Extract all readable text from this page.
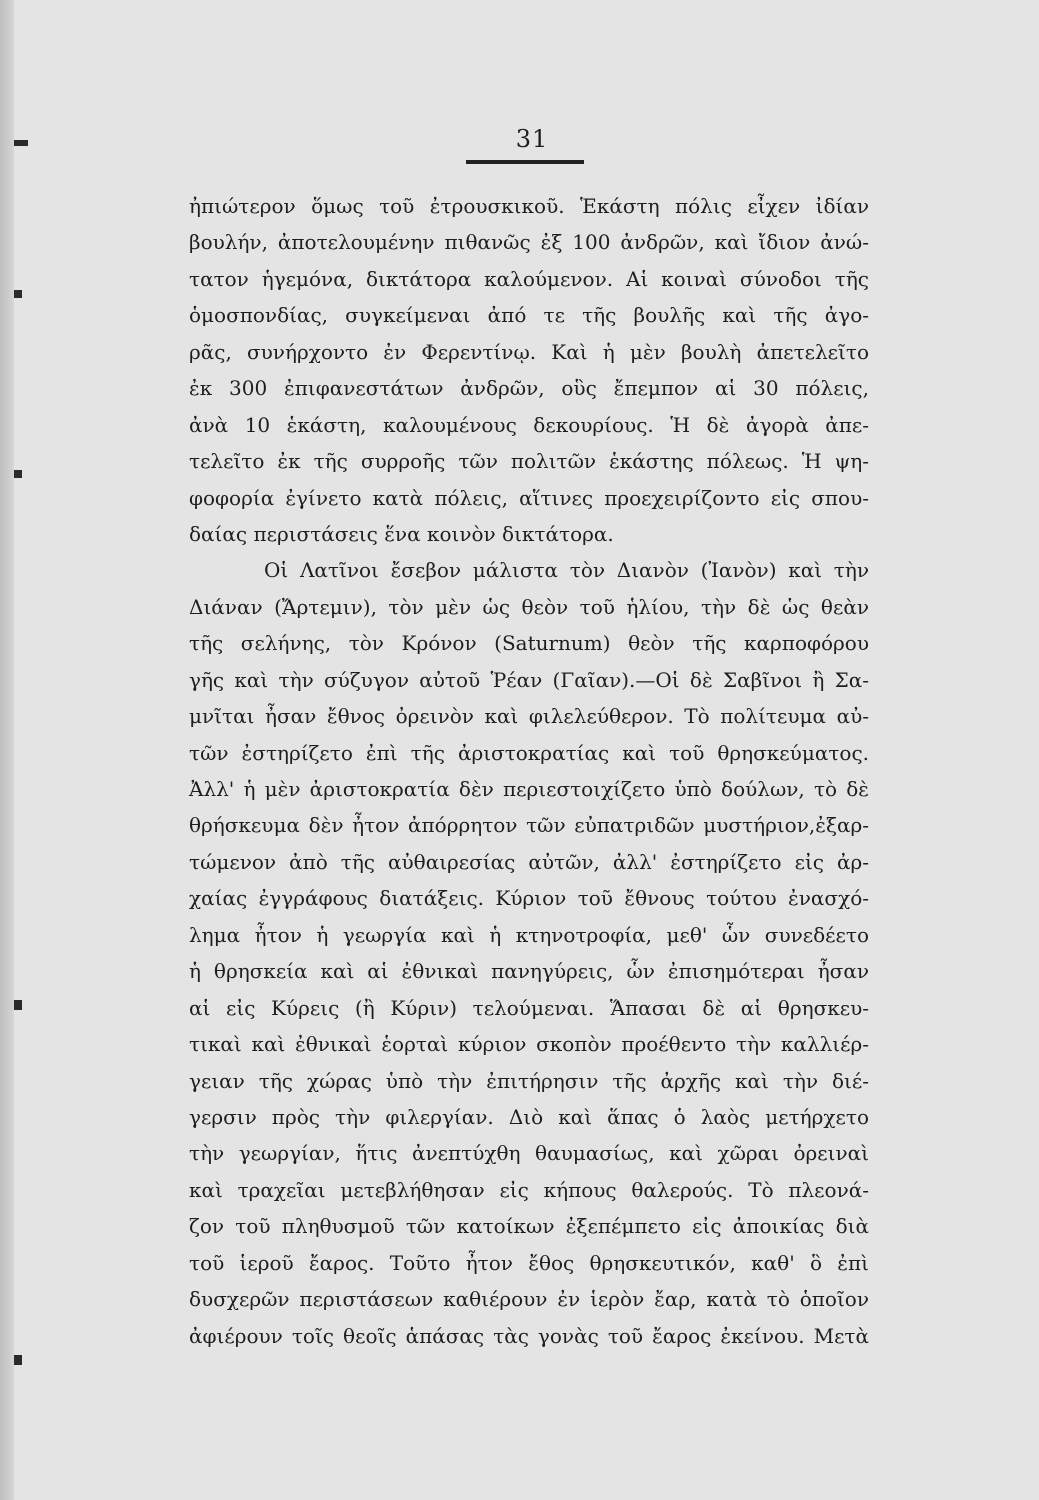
31
ἠπιώτερον ὅμως τοῦ ἐτρουσκικοῦ. Ἑκάστη πόλις εἶχεν ἰδίαν
βουλήν, ἀποτελουμένην πιθανῶς ἐξ 100 ἀνδρῶν, καὶ ἴδιον ἀνώ-
τατον ἡγεμόνα, δικτάτορα καλούμενον. Αἱ κοιναὶ σύνοδοι τῆς
ὁμοσπονδίας, συγκείμεναι ἀπό τε τῆς βουλῆς καὶ τῆς ἀγο-
ρᾶς, συνήρχοντο ἐν Φερεντίνῳ. Καὶ ἡ μὲν βουλὴ ἀπετελεῖτο
ἐκ 300 ἐπιφανεστάτων ἀνδρῶν, οὓς ἔπεμπον αἱ 30 πόλεις,
ἀνὰ 10 ἑκάστη, καλουμένους δεκουρίους. Ἡ δὲ ἀγορὰ ἀπε-
τελεῖτο ἐκ τῆς συρροῆς τῶν πολιτῶν ἑκάστης πόλεως. Ἡ ψη-
φοφορία ἐγίνετο κατὰ πόλεις, αἵτινες προεχειρίζοντο εἰς σπου-
δαίας περιστάσεις ἕνα κοινὸν δικτάτορα.
Οἱ Λατῖνοι ἔσεβον μάλιστα τὸν Διανὸν (Ἰανὸν) καὶ τὴν
Διάναν (Ἄρτεμιν), τὸν μὲν ὡς θεὸν τοῦ ἡλίου, τὴν δὲ ὡς θεὰν
τῆς σελήνης, τὸν Κρόνον (Saturnum) θεὸν τῆς καρποφόρου
γῆς καὶ τὴν σύζυγον αὐτοῦ Ῥέαν (Γαῖαν).—Οἱ δὲ Σαβῖνοι ἢ Σα-
μνῖται ἦσαν ἔθνος ὀρεινὸν καὶ φιλελεύθερον. Τὸ πολίτευμα αὐ-
τῶν ἐστηρίζετο ἐπὶ τῆς ἀριστοκρατίας καὶ τοῦ θρησκεύματος.
Ἀλλ' ἡ μὲν ἀριστοκρατία δὲν περιεστοιχίζετο ὑπὸ δούλων, τὸ δὲ
θρήσκευμα δὲν ἦτον ἀπόρρητον τῶν εὐπατριδῶν μυστήριον,ἐξαρ-
τώμενον ἀπὸ τῆς αὐθαιρεσίας αὐτῶν, ἀλλ' ἐστηρίζετο εἰς ἀρ-
χαίας ἐγγράφους διατάξεις. Κύριον τοῦ ἔθνους τούτου ἐνασχό-
λημα ἦτον ἡ γεωργία καὶ ἡ κτηνοτροφία, μεθ' ὧν συνεδέετο
ἡ θρησκεία καὶ αἱ ἐθνικαὶ πανηγύρεις, ὧν ἐπισημότεραι ἦσαν
αἱ εἰς Κύρεις (ἢ Κύριν) τελούμεναι. Ἅπασαι δὲ αἱ θρησκευ-
τικαὶ καὶ ἐθνικαὶ ἑορταὶ κύριον σκοπὸν προέθεντο τὴν καλλιέρ-
γειαν τῆς χώρας ὑπὸ τὴν ἐπιτήρησιν τῆς ἀρχῆς καὶ τὴν διέ-
γερσιν πρὸς τὴν φιλεργίαν. Διὸ καὶ ἅπας ὁ λαὸς μετήρχετο
τὴν γεωργίαν, ἥτις ἀνεπτύχθη θαυμασίως, καὶ χῶραι ὀρειναὶ
καὶ τραχεῖαι μετεβλήθησαν εἰς κήπους θαλερούς. Τὸ πλεονά-
ζον τοῦ πληθυσμοῦ τῶν κατοίκων ἐξεπέμπετο εἰς ἀποικίας διὰ
τοῦ ἱεροῦ ἔαρος. Τοῦτο ἦτον ἔθος θρησκευτικόν, καθ' ὃ ἐπὶ
δυσχερῶν περιστάσεων καθιέρουν ἐν ἱερὸν ἔαρ, κατὰ τὸ ὁποῖον
ἀφιέρουν τοῖς θεοῖς ἁπάσας τὰς γονὰς τοῦ ἔαρος ἐκείνου. Μετὰ
